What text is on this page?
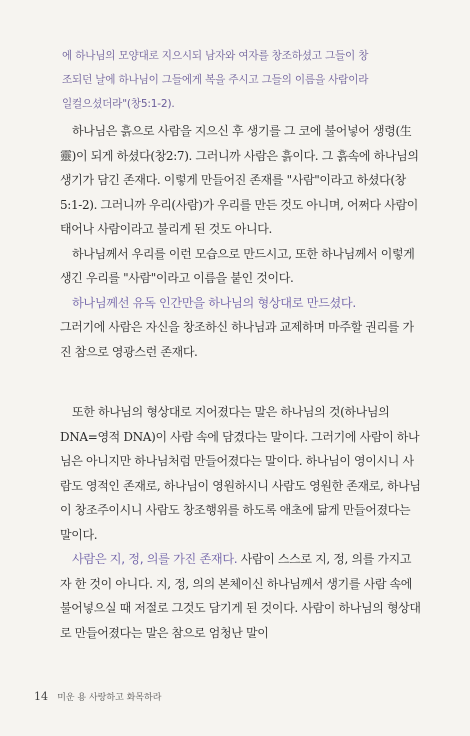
에 하나님의 모양대로 지으시되 남자와 여자를 창조하셨고 그들이 창
조되던 날에 하나님이 그들에게 복을 주시고 그들의 이름을 사람이라
일컬으셨더라"(창5:1-2).

하나님은 흙으로 사람을 지으신 후 생기를 그 코에 불어넣어 생령(生靈)이 되게 하셨다(창2:7). 그러니까 사람은 흙이다. 그 흙속에 하나님의 생기가 담긴 존재다. 이렇게 만들어진 존재를 "사람"이라고 하셨다(창5:1-2). 그러니까 우리(사람)가 우리를 만든 것도 아니며, 어쩌다 사람이 태어나 사람이라고 불리게 된 것도 아니다.

하나님께서 우리를 이런 모습으로 만드시고, 또한 하나님께서 이렇게 생긴 우리를 "사람"이라고 이름을 붙인 것이다.

하나님께선 유독 인간만을 하나님의 형상대로 만드셨다.

그러기에 사람은 자신을 창조하신 하나님과 교제하며 마주할 권리를 가진 참으로 영광스런 존재다.

또한 하나님의 형상대로 지어졌다는 말은 하나님의 것(하나님의 DNA=영적 DNA)이 사람 속에 담겼다는 말이다. 그러기에 사람이 하나님은 아니지만 하나님처럼 만들어졌다는 말이다. 하나님이 영이시니 사람도 영적인 존재로, 하나님이 영원하시니 사람도 영원한 존재로, 하나님이 창조주이시니 사람도 창조행위를 하도록 애초에 닮게 만들어졌다는 말이다.

사람은 지, 정, 의를 가진 존재다. 사람이 스스로 지, 정, 의를 가지고자 한 것이 아니다. 지, 정, 의의 본체이신 하나님께서 생기를 사람 속에 불어넣으실 때 저절로 그것도 담기게 된 것이다. 사람이 하나님의 형상대로 만들어졌다는 말은 참으로 엄청난 말이

14 미운 용 사랑하고 화목하라
